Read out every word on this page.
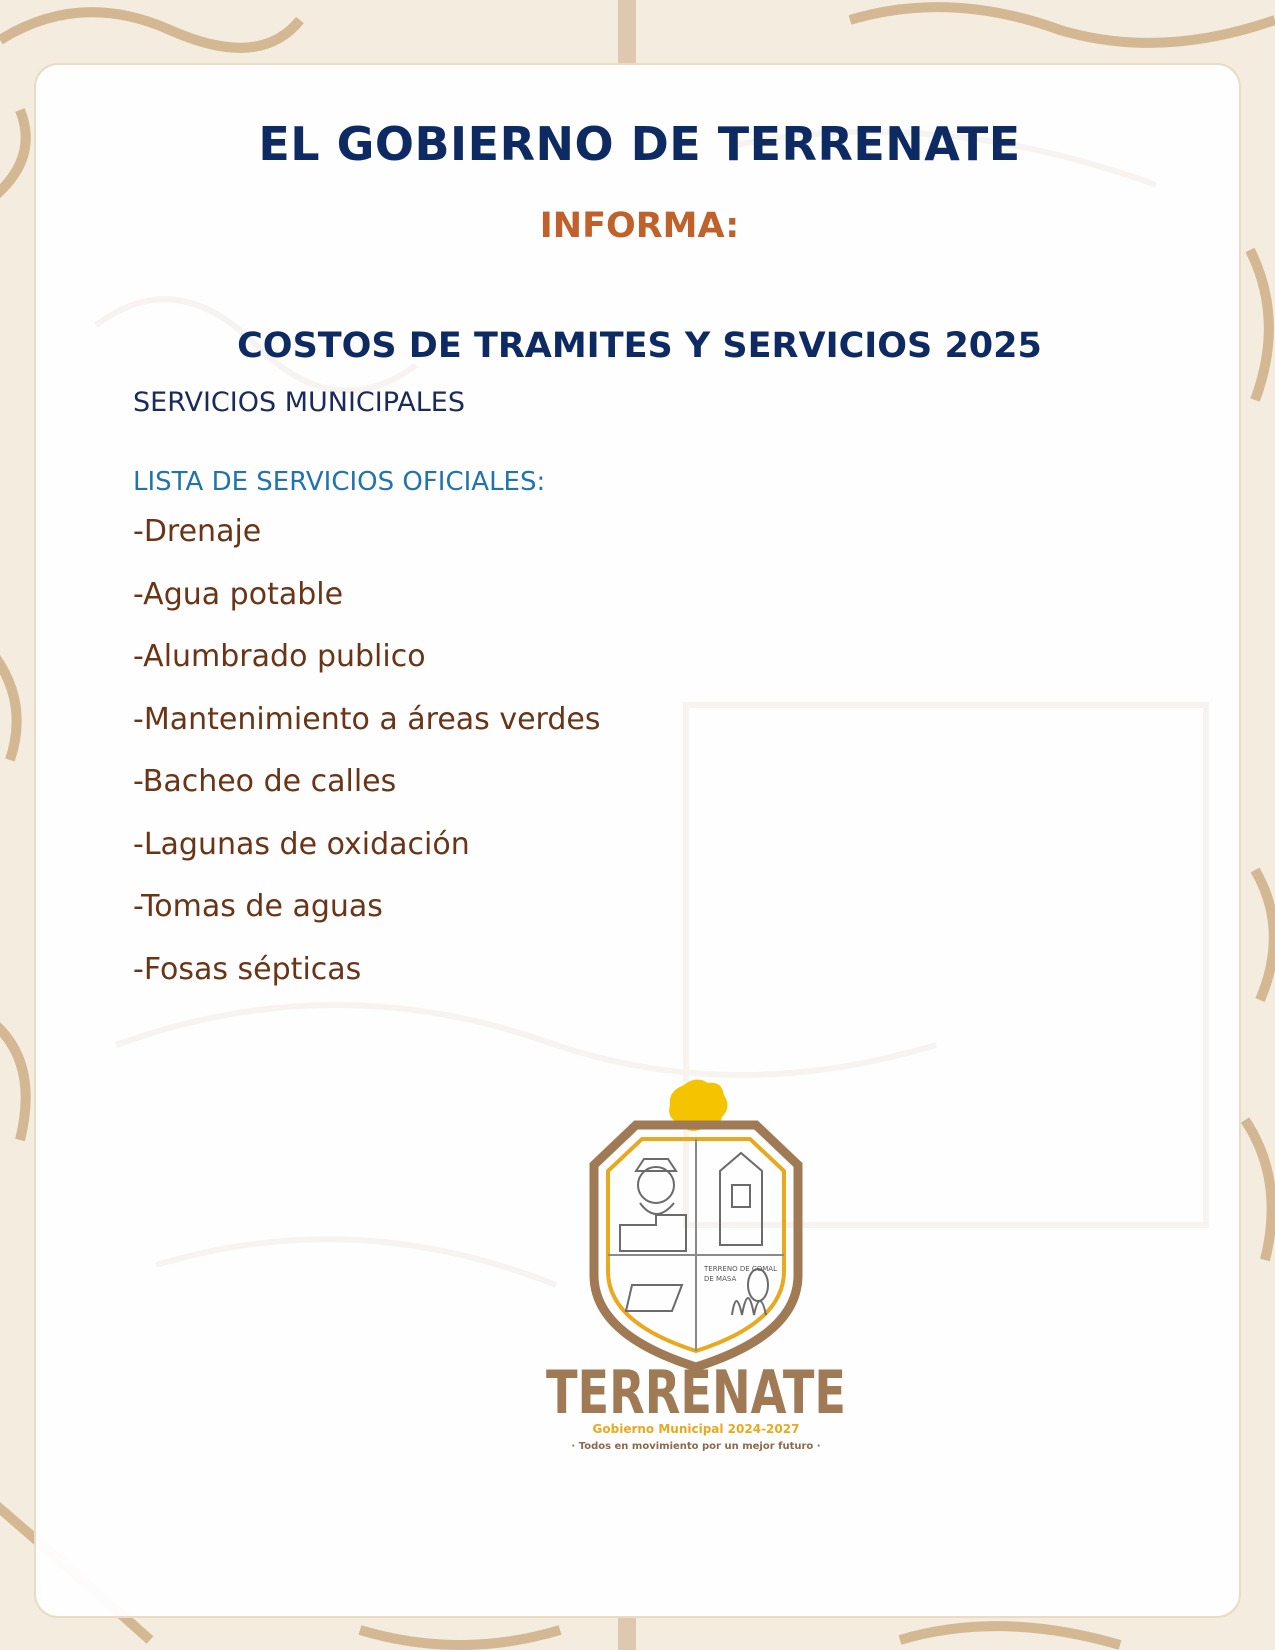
EL GOBIERNO DE TERRENATE
INFORMA:
COSTOS DE TRAMITES Y SERVICIOS 2025
SERVICIOS MUNICIPALES
LISTA DE SERVICIOS OFICIALES:
-Drenaje
-Agua potable
-Alumbrado publico
-Mantenimiento a áreas verdes
-Bacheo de calles
-Lagunas de oxidación
-Tomas de aguas
-Fosas sépticas
TERRENO DE COMAL
DE MASA
TERRENATE
Gobierno Municipal 2024-2027
· Todos en movimiento por un mejor futuro ·
